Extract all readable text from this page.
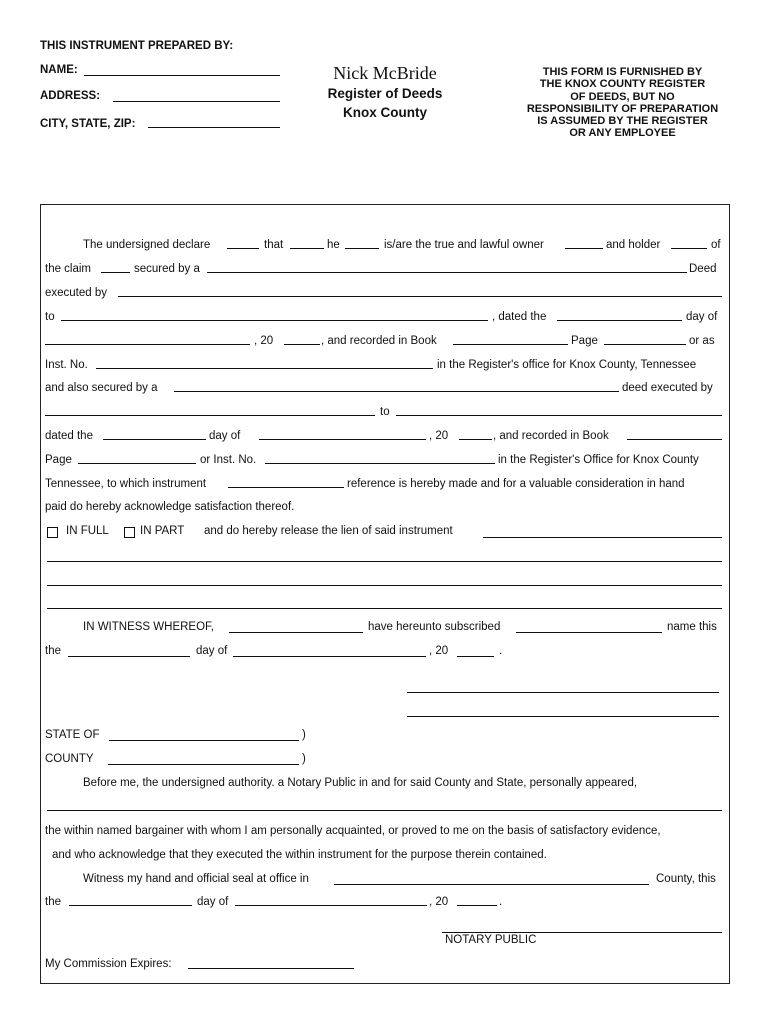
THIS INSTRUMENT PREPARED BY:
NAME:
ADDRESS:
CITY, STATE, ZIP:
Nick McBride
Register of Deeds
Knox County
THIS FORM IS FURNISHED BY
THE KNOX COUNTY REGISTER
OF DEEDS, BUT NO
RESPONSIBILITY OF PREPARATION
IS ASSUMED BY THE REGISTER
OR ANY EMPLOYEE
The undersigned declare	that	he	is/are the true and lawful owner	and holder	of
the claim	secured by a	Deed
executed by
to	, dated the	day of
, 20	, and recorded in Book	Page	or as
Inst. No.	in the Register's office for Knox County, Tennessee
and also secured by a	deed executed by
to
dated the	day of	, 20	, and recorded in Book
Page	or Inst. No.	in the Register's Office for Knox County
Tennessee, to which instrument	reference is hereby made and for a valuable consideration in hand
paid do hereby acknowledge satisfaction thereof.
IN FULL	IN PART and do hereby release the lien of said instrument
IN WITNESS WHEREOF,	have hereunto subscribed	name this
the	day of	, 20	.
STATE OF	)
COUNTY	)
Before me, the undersigned authority. a Notary Public in and for said County and State, personally appeared,
the within named bargainer with whom I am personally acquainted, or proved to me on the basis of satisfactory evidence,
and who acknowledge that they executed the within instrument for the purpose therein contained.
Witness my hand and official seal at office in	County, this
the	day of	, 20	.
NOTARY PUBLIC
My Commission Expires:
